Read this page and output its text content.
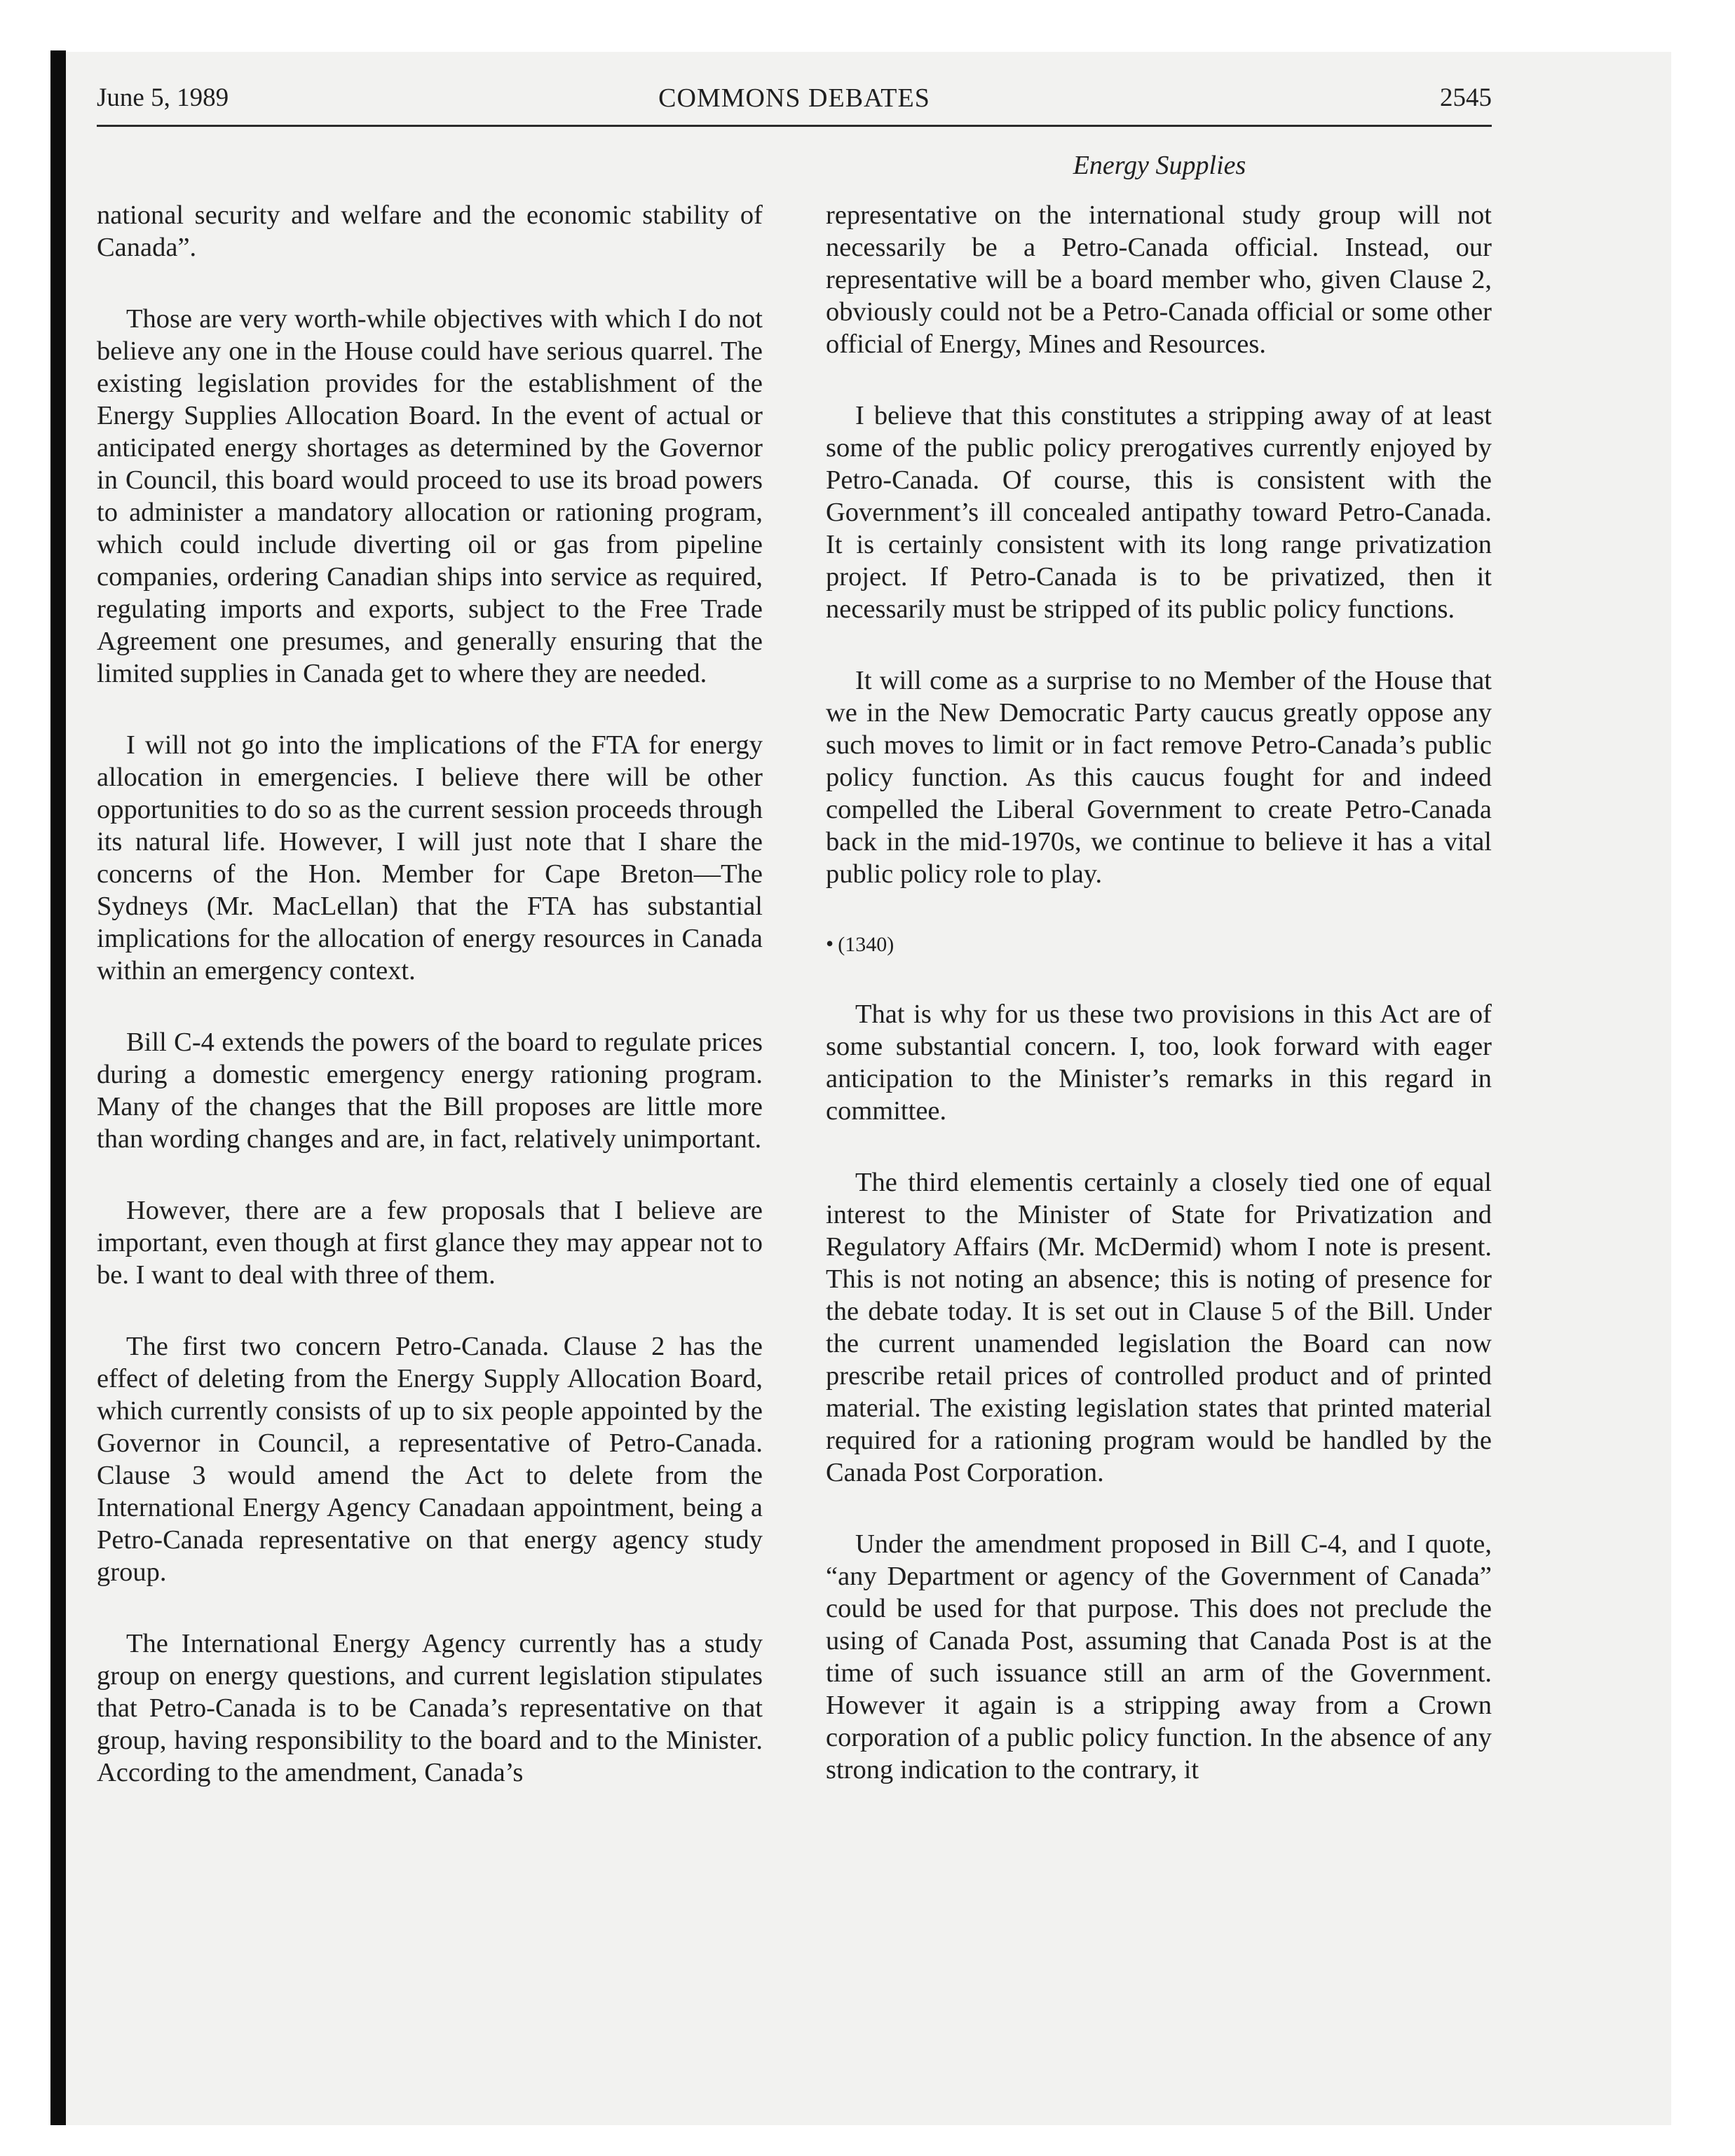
June 5, 1989	COMMONS DEBATES	2545
Energy Supplies

national security and welfare and the economic stability of Canada”.

Those are very worth-while objectives with which I do not believe any one in the House could have serious quarrel. The existing legislation provides for the establishment of the Energy Supplies Allocation Board. In the event of actual or anticipated energy shortages as determined by the Governor in Council, this board would proceed to use its broad powers to administer a mandatory allocation or rationing program, which could include diverting oil or gas from pipeline companies, ordering Canadian ships into service as required, regulating imports and exports, subject to the Free Trade Agreement one presumes, and generally ensuring that the limited supplies in Canada get to where they are needed.

I will not go into the implications of the FTA for energy allocation in emergencies. I believe there will be other opportunities to do so as the current session proceeds through its natural life. However, I will just note that I share the concerns of the Hon. Member for Cape Breton—The Sydneys (Mr. MacLellan) that the FTA has substantial implications for the allocation of energy resources in Canada within an emergency context.

Bill C-4 extends the powers of the board to regulate prices during a domestic emergency energy rationing program. Many of the changes that the Bill proposes are little more than wording changes and are, in fact, relatively unimportant.

However, there are a few proposals that I believe are important, even though at first glance they may appear not to be. I want to deal with three of them.

The first two concern Petro-Canada. Clause 2 has the effect of deleting from the Energy Supply Allocation Board, which currently consists of up to six people appointed by the Governor in Council, a representative of Petro-Canada. Clause 3 would amend the Act to delete from the International Energy Agency Canadaan appointment, being a Petro-Canada representative on that energy agency study group.

The International Energy Agency currently has a study group on energy questions, and current legislation stipulates that Petro-Canada is to be Canada’s representative on that group, having responsibility to the board and to the Minister. According to the amendment, Canada’s

representative on the international study group will not necessarily be a Petro-Canada official. Instead, our representative will be a board member who, given Clause 2, obviously could not be a Petro-Canada official or some other official of Energy, Mines and Resources.

I believe that this constitutes a stripping away of at least some of the public policy prerogatives currently enjoyed by Petro-Canada. Of course, this is consistent with the Government’s ill concealed antipathy toward Petro-Canada. It is certainly consistent with its long range privatization project. If Petro-Canada is to be privatized, then it necessarily must be stripped of its public policy functions.

It will come as a surprise to no Member of the House that we in the New Democratic Party caucus greatly oppose any such moves to limit or in fact remove Petro-Canada’s public policy function. As this caucus fought for and indeed compelled the Liberal Government to create Petro-Canada back in the mid-1970s, we continue to believe it has a vital public policy role to play.

• (1340)

That is why for us these two provisions in this Act are of some substantial concern. I, too, look forward with eager anticipation to the Minister’s remarks in this regard in committee.

The third elementis certainly a closely tied one of equal interest to the Minister of State for Privatization and Regulatory Affairs (Mr. McDermid) whom I note is present. This is not noting an absence; this is noting of presence for the debate today. It is set out in Clause 5 of the Bill. Under the current unamended legislation the Board can now prescribe retail prices of controlled product and of printed material. The existing legislation states that printed material required for a rationing program would be handled by the Canada Post Corporation.

Under the amendment proposed in Bill C-4, and I quote, “any Department or agency of the Government of Canada” could be used for that purpose. This does not preclude the using of Canada Post, assuming that Canada Post is at the time of such issuance still an arm of the Government. However it again is a stripping away from a Crown corporation of a public policy function. In the absence of any strong indication to the contrary, it
